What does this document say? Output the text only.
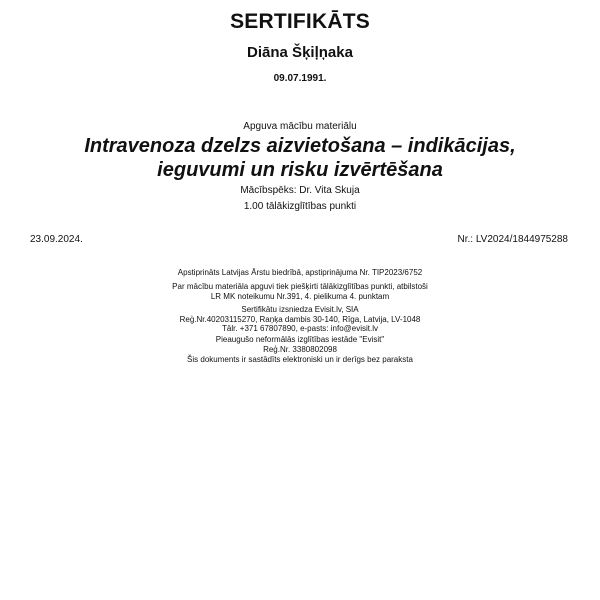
SERTIFIKĀTS
Diāna Šķiļņaka
09.07.1991.
Apguva mācību materiālu
Intravenoza dzelzs aizvietošana – indikācijas,
ieguvumi un risku izvērtēšana
Mācībspēks: Dr. Vita Skuja
1.00 tālākizglītības punkti
23.09.2024.	Nr.: LV2024/1844975288
Apstiprināts Latvijas Ārstu biedrībā, apstiprinājuma Nr. TIP2023/6752
Par mācību materiāla apguvi tiek piešķirti tālākizglītības punkti, atbilstoši
LR MK noteikumu Nr.391, 4. pielikuma 4. punktam
Sertifikātu izsniedza Evisit.lv, SIA
Reģ.Nr.40203115270, Raņķa dambis 30-140, Rīga, Latvija, LV-1048
Tālr. +371 67807890, e-pasts: info@evisit.lv
Pieaugušo neformālās izglītības iestāde "Evisit"
Reģ.Nr. 3380802098
Šis dokuments ir sastādīts elektroniski un ir derīgs bez paraksta
